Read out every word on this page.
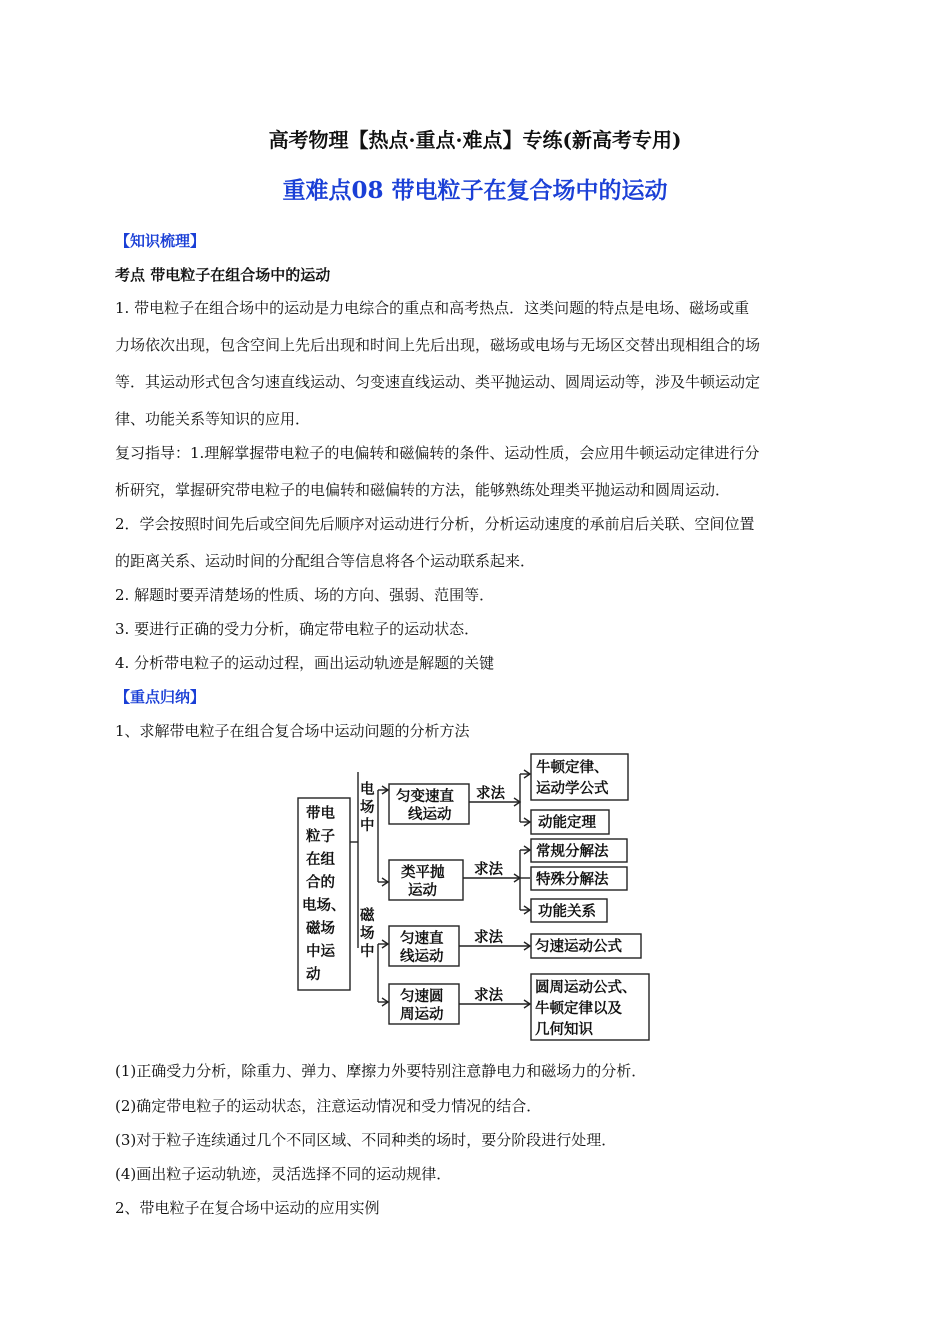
高考物理【热点·重点·难点】专练(新高考专用)
重难点08 带电粒子在复合场中的运动
【知识梳理】
考点 带电粒子在组合场中的运动
1. 带电粒子在组合场中的运动是力电综合的重点和高考热点．这类问题的特点是电场、磁场或重
力场依次出现，包含空间上先后出现和时间上先后出现，磁场或电场与无场区交替出现相组合的场
等．其运动形式包含匀速直线运动、匀变速直线运动、类平抛运动、圆周运动等，涉及牛顿运动定
律、功能关系等知识的应用．
复习指导：1.理解掌握带电粒子的电偏转和磁偏转的条件、运动性质，会应用牛顿运动定律进行分
析研究，掌握研究带电粒子的电偏转和磁偏转的方法，能够熟练处理类平抛运动和圆周运动．
2．学会按照时间先后或空间先后顺序对运动进行分析，分析运动速度的承前启后关联、空间位置
的距离关系、运动时间的分配组合等信息将各个运动联系起来．
2. 解题时要弄清楚场的性质、场的方向、强弱、范围等．
3. 要进行正确的受力分析，确定带电粒子的运动状态．
4. 分析带电粒子的运动过程，画出运动轨迹是解题的关键
【重点归纳】
1、求解带电粒子在组合复合场中运动问题的分析方法
带电
粒子
在组
合的
电场、
磁场
中运
动
电
场
中
磁
场
中
匀变速直
线运动
类平抛
运动
匀速直
线运动
匀速圆
周运动
求法
求法
求法
求法
牛顿定律、
运动学公式
动能定理
常规分解法
特殊分解法
功能关系
匀速运动公式
圆周运动公式、
牛顿定律以及
几何知识
(1)正确受力分析，除重力、弹力、摩擦力外要特别注意静电力和磁场力的分析．
(2)确定带电粒子的运动状态，注意运动情况和受力情况的结合．
(3)对于粒子连续通过几个不同区域、不同种类的场时，要分阶段进行处理．
(4)画出粒子运动轨迹，灵活选择不同的运动规律．
2、带电粒子在复合场中运动的应用实例
